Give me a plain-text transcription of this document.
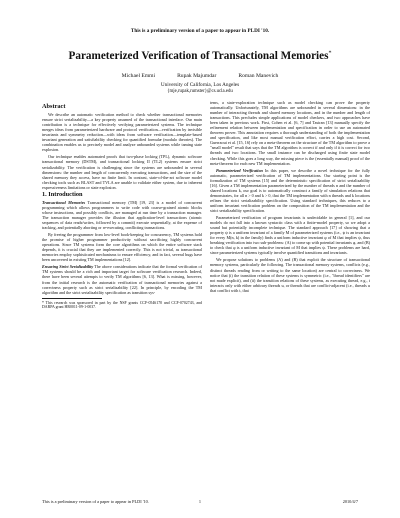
This is a preliminary version of a paper to appear in PLDI '10.
Parameterized Verification of Transactional Memories*
Michael Emmi	Rupak Majumdar	Roman Manevich
University of California, Los Angeles
{mje,rupak,rumster}@cs.ucla.edu
Abstract

We describe an automatic verification method to check whether transactional memories ensure strict serializability—a key property assumed of the transactional interface. Our main contribution is a technique for effectively verifying parameterized systems. The technique merges ideas from parameterized hardware and protocol verification—verification by invisible invariants and symmetry reduction—with ideas from software verification—template-based invariant generation and satisfiability checking for quantified formulæ (modulo theories). The combination enables us to precisely model and analyze unbounded systems while taming state explosion.

Our technique enables automated proofs that two-phase locking (TPL), dynamic software transactional memory (DSTM), and transactional locking II (TL2) systems ensure strict serializability. The verification is challenging since the systems are unbounded in several dimensions: the number and length of concurrently executing transactions, and the size of the shared memory they access, have no finite limit. In contrast, state-of-the-art software model checking tools such as BLAST and TVLA are unable to validate either system, due to inherent expressiveness limitations or state explosion.

1. Introduction

Transactional Memories Transactional memory (TM) [19, 23] is a model of concurrent programming which allows programmers to write code with coarse-grained atomic blocks whose instructions, and possibly conflicts, are managed at run time by a transaction manager. The transaction manager provides the illusion that application-level transactions (atomic sequences of data reads/writes, followed by a commit) execute sequentially, at the expense of tracking, and potentially aborting or re-executing, conflicting transactions.

By freeing the programmer from low-level book-keeping for concurrency, TM systems hold the promise of higher programmer productivity without sacrificing highly concurrent operations. Since TM systems form the core algorithms on which the entire software stack depends, it is crucial that they are implemented correctly. This is not trivial, as transactional memories employ sophisticated mechanisms to ensure efficiency, and in fact, several bugs have been uncovered in existing TM implementations [12].

Ensuring Strict Serializability The above considerations indicate that the formal verification of TM systems should be a rich and important target for software verification research. Indeed, there have been several attempts to verify TM algorithms [6, 13]. What is missing, however, from the initial research is the automatic verification of transactional memories against a correctness property such as strict serializability [22]. In principle, by encoding the TM algorithm and the strict serializability specification as transition sys-

* This research was sponsored in part by the NSF grants CCF-0546170 and CCF-0702743, and DARPA grant HR0011-09-1-0037.

tems, a state-exploration technique such as model checking can prove the property automatically. Unfortunately, TM algorithms are unbounded in several dimensions: in the number of interacting threads and shared memory locations, and in the number and length of transactions. This precludes simple applications of model checkers, and two approaches have been taken in previous work. First, Cohen et al. [6, 7] and Tasiran [13] manually specify the refinement relation between implementation and specification in order to use an automated theorem prover. This annotation requires a thorough understanding of both the implementation and specification, and like most manual verification effort, carries a high cost. Second, Guerraoui et al. [15, 16] rely on a meta-theorem on the structure of the TM algorithm to prove a "small model" result that says that the TM algorithm is correct if and only if it is correct for two threads and two locations. The small instance can be discharged using finite state model checking. While this goes a long way, the missing piece is the (essentially manual) proof of the meta-theorem for each new TM implementation.

Parameterized Verification In this paper, we describe a novel technique for the fully automatic, parameterized verification of TM implementations. Our starting point is the formalization of TM systems [15] and the deterministic specification of strict serializability [16]. Given a TM implementation parameterized by the number of threads n and the number of shared locations k, our goal is to automatically construct a family of simulation relations that demonstrates, for all n > 0 and k > 0, that the TM implementation with n threads and k locations refines the strict serializability specification. Using standard techniques, this reduces to a uniform invariant verification problem on the composition of the TM implementation and the strict serializability specification.

Parameterized verification of program invariants is undecidable in general [1], and our models do not fall into a known syntactic class with a finite-model property, so we adopt a sound but potentially incomplete technique. The standard approach [17] of showing that a property ψ is a uniform invariant of a family M of parameterized systems (i.e., ψ is an invariant for every M(n, k) in the family) finds a uniform inductive invariant φ of M that implies ψ, thus breaking verification into two sub-problems: (A) to come up with potential invariants φ, and (B) to check that φ is a uniform inductive invariant of M that implies ψ. These problems are hard, since parameterized systems typically involve quantified transitions and invariants.

We propose solutions to problems (A) and (B) that exploit the structure of transactional memory systems, particularly the following. The transactional memory systems, conflicts (e.g., distinct threads reading from or writing to the same location) are central to correctness. We notice that (i) the transition relation of these systems is symmetric (i.e., "thread identifiers" are not made explicit), and (ii) the transition relations of these systems, as executing thread, e.g., t interacts only with either arbitrary threads u, or threads that are conflict-adjacent (i.e., threads u that conflict with t, that

This is a preliminary version of a paper to appear in PLDI '10.	1	2010/4/7
